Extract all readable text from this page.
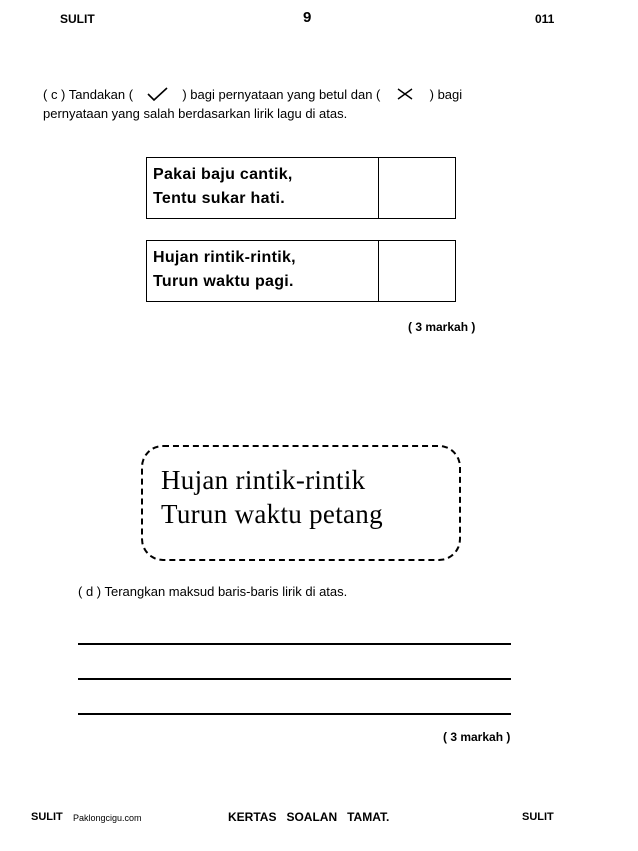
SULIT	9	011
( c ) Tandakan (	) bagi pernyataan yang betul dan (	) bagi
pernyataan yang salah berdasarkan lirik lagu di atas.
Pakai baju cantik,
Tentu sukar hati.
Hujan rintik-rintik,
Turun waktu pagi.
( 3 markah )
Hujan rintik-rintik
Turun waktu petang
( d ) Terangkan maksud baris-baris lirik di atas.
( 3 markah )
SULIT Paklongcigu.com	KERTAS   SOALAN   TAMAT.	SULIT
